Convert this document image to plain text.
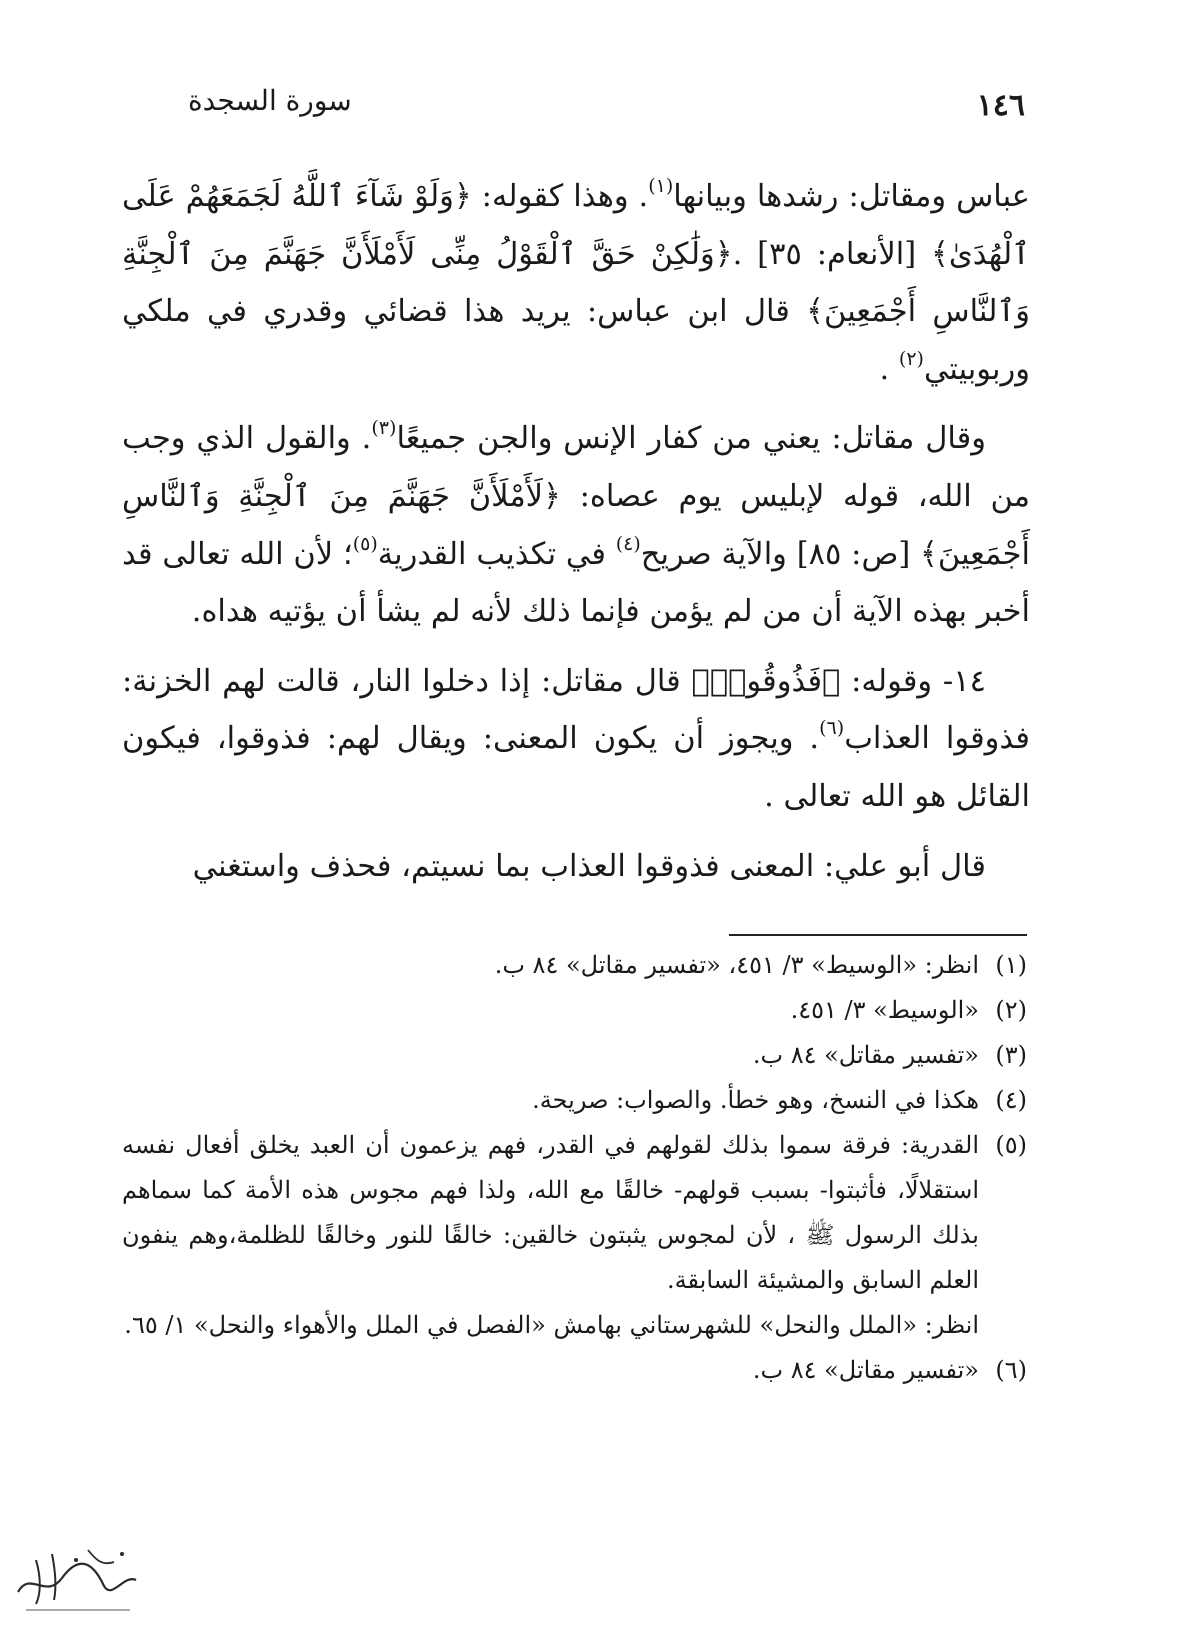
١٤٦
سورة السجدة

عباس ومقاتل: رشدها وبيانها$^{(١)}$. وهذا كقوله: ﴿وَلَوْ شَآءَ ٱللَّهُ لَجَمَعَهُمْ عَلَى ٱلْهُدَىٰ﴾ [الأنعام: ٣٥] .﴿وَلَٰكِنْ حَقَّ ٱلْقَوْلُ مِنِّى لَأَمْلَأَنَّ جَهَنَّمَ مِنَ ٱلْجِنَّةِ وَٱلنَّاسِ أَجْمَعِينَ﴾ قال ابن عباس: يريد هذا قضائي وقدري في ملكي وربوبيتي$^{(٢)}$ .

وقال مقاتل: يعني من كفار الإنس والجن جميعًا$^{(٣)}$. والقول الذي وجب من الله، قوله لإبليس يوم عصاه: ﴿لَأَمْلَأَنَّ جَهَنَّمَ مِنَ ٱلْجِنَّةِ وَٱلنَّاسِ أَجْمَعِينَ﴾ [ص: ٨٥] والآية صريح$^{(٤)}$ في تكذيب القدرية$^{(٥)}$؛ لأن الله تعالى قد أخبر بهذه الآية أن من لم يؤمن فإنما ذلك لأنه لم يشأ أن يؤتيه هداه.

١٤- وقوله: ﴿فَذُوقُوا۟﴾ قال مقاتل: إذا دخلوا النار، قالت لهم الخزنة: فذوقوا العذاب$^{(٦)}$. ويجوز أن يكون المعنى: ويقال لهم: فذوقوا، فيكون القائل هو الله تعالى .

قال أبو علي: المعنى فذوقوا العذاب بما نسيتم، فحذف واستغني

(١)
انظر: «الوسيط» ٣/ ٤٥١، «تفسير مقاتل» ٨٤ ب.
(٢)
«الوسيط» ٣/ ٤٥١.
(٣)
«تفسير مقاتل» ٨٤ ب.
(٤)
هكذا في النسخ، وهو خطأ. والصواب: صريحة.
(٥)
القدرية: فرقة سموا بذلك لقولهم في القدر، فهم يزعمون أن العبد يخلق أفعال نفسه استقلالًا، فأثبتوا- بسبب قولهم- خالقًا مع الله، ولذا فهم مجوس هذه الأمة كما سماهم بذلك الرسول ﷺ ، لأن لمجوس يثبتون خالقين: خالقًا للنور وخالقًا للظلمة،وهم ينفون العلم السابق والمشيئة السابقة.
انظر: «الملل والنحل» للشهرستاني بهامش «الفصل في الملل والأهواء والنحل» ١/ ٦٥.
(٦)
«تفسير مقاتل» ٨٤ ب.
